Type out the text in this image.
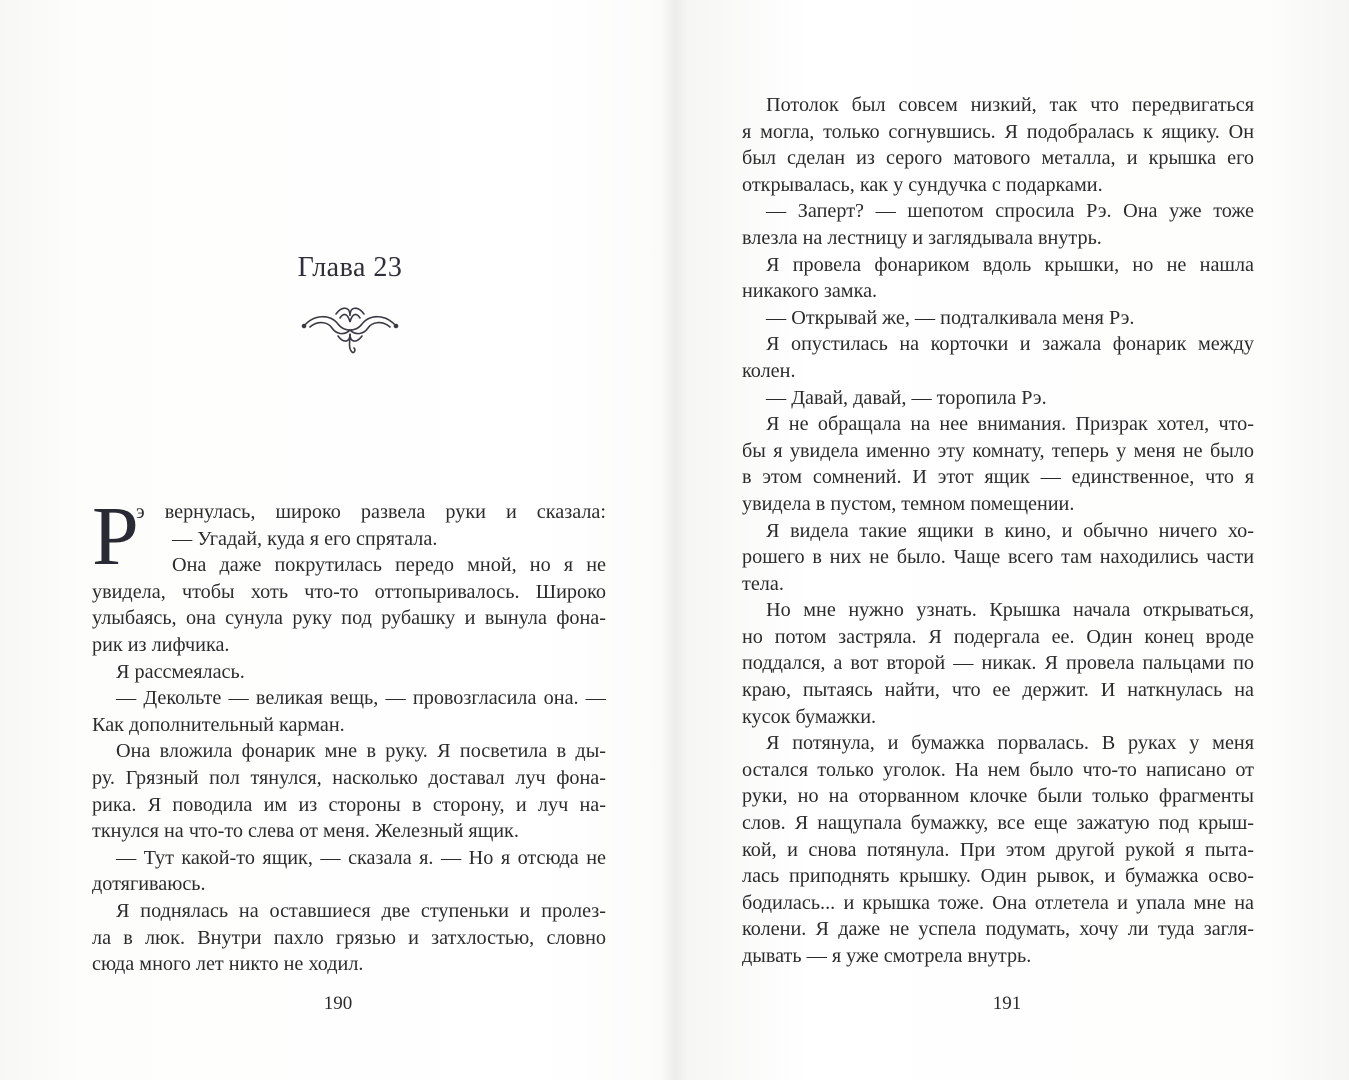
Глава 23
Р
э вернулась, широко развела руки и сказала:
— Угадай, куда я его спрятала.
Она даже покрутилась передо мной, но я не
увидела, чтобы хоть что-то оттопыривалось. Широко
улыбаясь, она сунула руку под рубашку и вынула фона-
рик из лифчика.
Я рассмеялась.
— Декольте — великая вещь, — провозгласила она. —
Как дополнительный карман.
Она вложила фонарик мне в руку. Я посветила в ды-
ру. Грязный пол тянулся, насколько доставал луч фона-
рика. Я поводила им из стороны в сторону, и луч на-
ткнулся на что-то слева от меня. Железный ящик.
— Тут какой-то ящик, — сказала я. — Но я отсюда не
дотягиваюсь.
Я поднялась на оставшиеся две ступеньки и пролез-
ла в люк. Внутри пахло грязью и затхлостью, словно
сюда много лет никто не ходил.
190
Потолок был совсем низкий, так что передвигаться
я могла, только согнувшись. Я подобралась к ящику. Он
был сделан из серого матового металла, и крышка его
открывалась, как у сундучка с подарками.
— Заперт? — шепотом спросила Рэ. Она уже тоже
влезла на лестницу и заглядывала внутрь.
Я провела фонариком вдоль крышки, но не нашла
никакого замка.
— Открывай же, — подталкивала меня Рэ.
Я опустилась на корточки и зажала фонарик между
колен.
— Давай, давай, — торопила Рэ.
Я не обращала на нее внимания. Призрак хотел, что-
бы я увидела именно эту комнату, теперь у меня не было
в этом сомнений. И этот ящик — единственное, что я
увидела в пустом, темном помещении.
Я видела такие ящики в кино, и обычно ничего хо-
рошего в них не было. Чаще всего там находились части
тела.
Но мне нужно узнать. Крышка начала открываться,
но потом застряла. Я подергала ее. Один конец вроде
поддался, а вот второй — никак. Я провела пальцами по
краю, пытаясь найти, что ее держит. И наткнулась на
кусок бумажки.
Я потянула, и бумажка порвалась. В руках у меня
остался только уголок. На нем было что-то написано от
руки, но на оторванном клочке были только фрагменты
слов. Я нащупала бумажку, все еще зажатую под крыш-
кой, и снова потянула. При этом другой рукой я пыта-
лась приподнять крышку. Один рывок, и бумажка осво-
бодилась... и крышка тоже. Она отлетела и упала мне на
колени. Я даже не успела подумать, хочу ли туда загля-
дывать — я уже смотрела внутрь.
191
